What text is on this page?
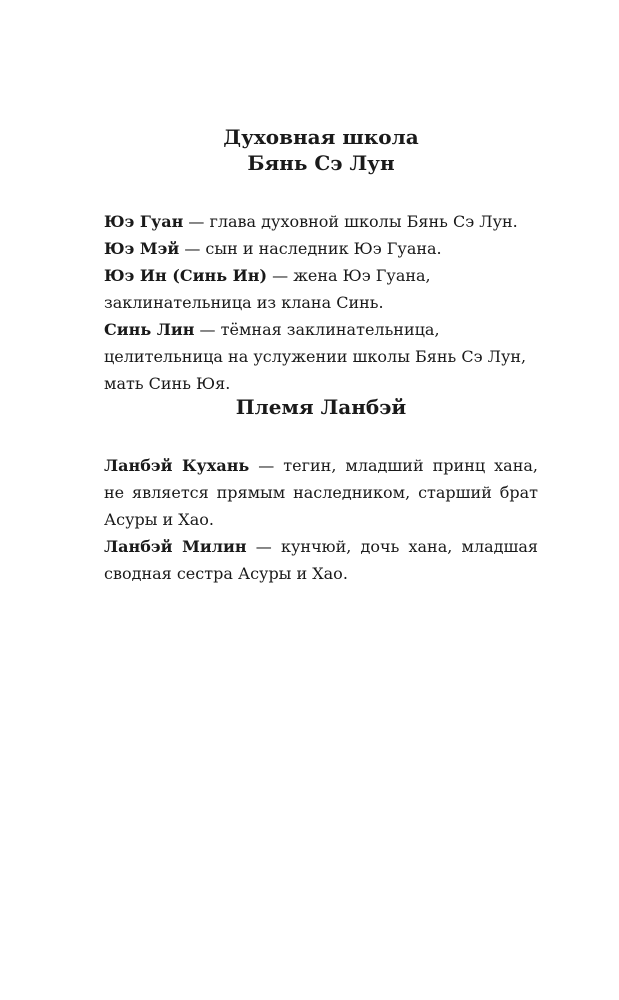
Духовная школа
Бянь Сэ Лун

Юэ Гуан — глава духовной школы Бянь Сэ Лун.

Юэ Мэй — сын и наследник Юэ Гуана.

Юэ Ин (Синь Ин) — жена Юэ Гуана, заклинательница из клана Синь.

Синь Лин — тёмная заклинательница, целительница на услужении школы Бянь Сэ Лун, мать Синь Юя.

Племя Ланбэй

Ланбэй Кухань — тегин, младший принц хана, не является прямым наследником, старший брат Асуры и Хао.

Ланбэй Милин — кунчюй, дочь хана, младшая сводная сестра Асуры и Хао.
